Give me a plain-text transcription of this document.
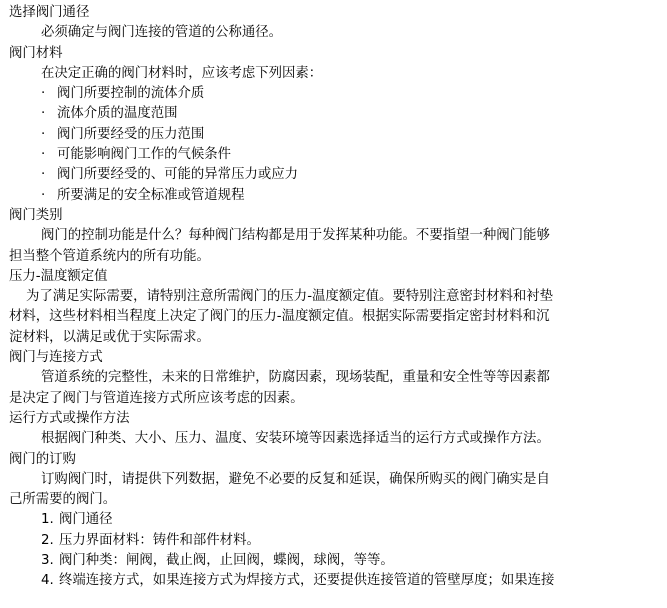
选择阀门通径
必须确定与阀门连接的管道的公称通径。
阀门材料
在决定正确的阀门材料时，应该考虑下列因素：
· 阀门所要控制的流体介质
· 流体介质的温度范围
· 阀门所要经受的压力范围
· 可能影响阀门工作的气候条件
· 阀门所要经受的、可能的异常压力或应力
· 所要满足的安全标准或管道规程
阀门类别
阀门的控制功能是什么？每种阀门结构都是用于发挥某种功能。不要指望一种阀门能够
担当整个管道系统内的所有功能。
压力-温度额定值
为了满足实际需要，请特别注意所需阀门的压力-温度额定值。要特别注意密封材料和衬垫
材料，这些材料相当程度上决定了阀门的压力-温度额定值。根据实际需要指定密封材料和沉
淀材料，以满足或优于实际需求。
阀门与连接方式
管道系统的完整性，未来的日常维护，防腐因素，现场装配，重量和安全性等等因素都
是决定了阀门与管道连接方式所应该考虑的因素。
运行方式或操作方法
根据阀门种类、大小、压力、温度、安装环境等因素选择适当的运行方式或操作方法。
阀门的订购
订购阀门时，请提供下列数据，避免不必要的反复和延误，确保所购买的阀门确实是自
己所需要的阀门。
1. 阀门通径
2. 压力界面材料：铸件和部件材料。
3. 阀门种类：闸阀，截止阀，止回阀，蝶阀，球阀，等等。
4. 终端连接方式，如果连接方式为焊接方式，还要提供连接管道的管壁厚度；如果连接
